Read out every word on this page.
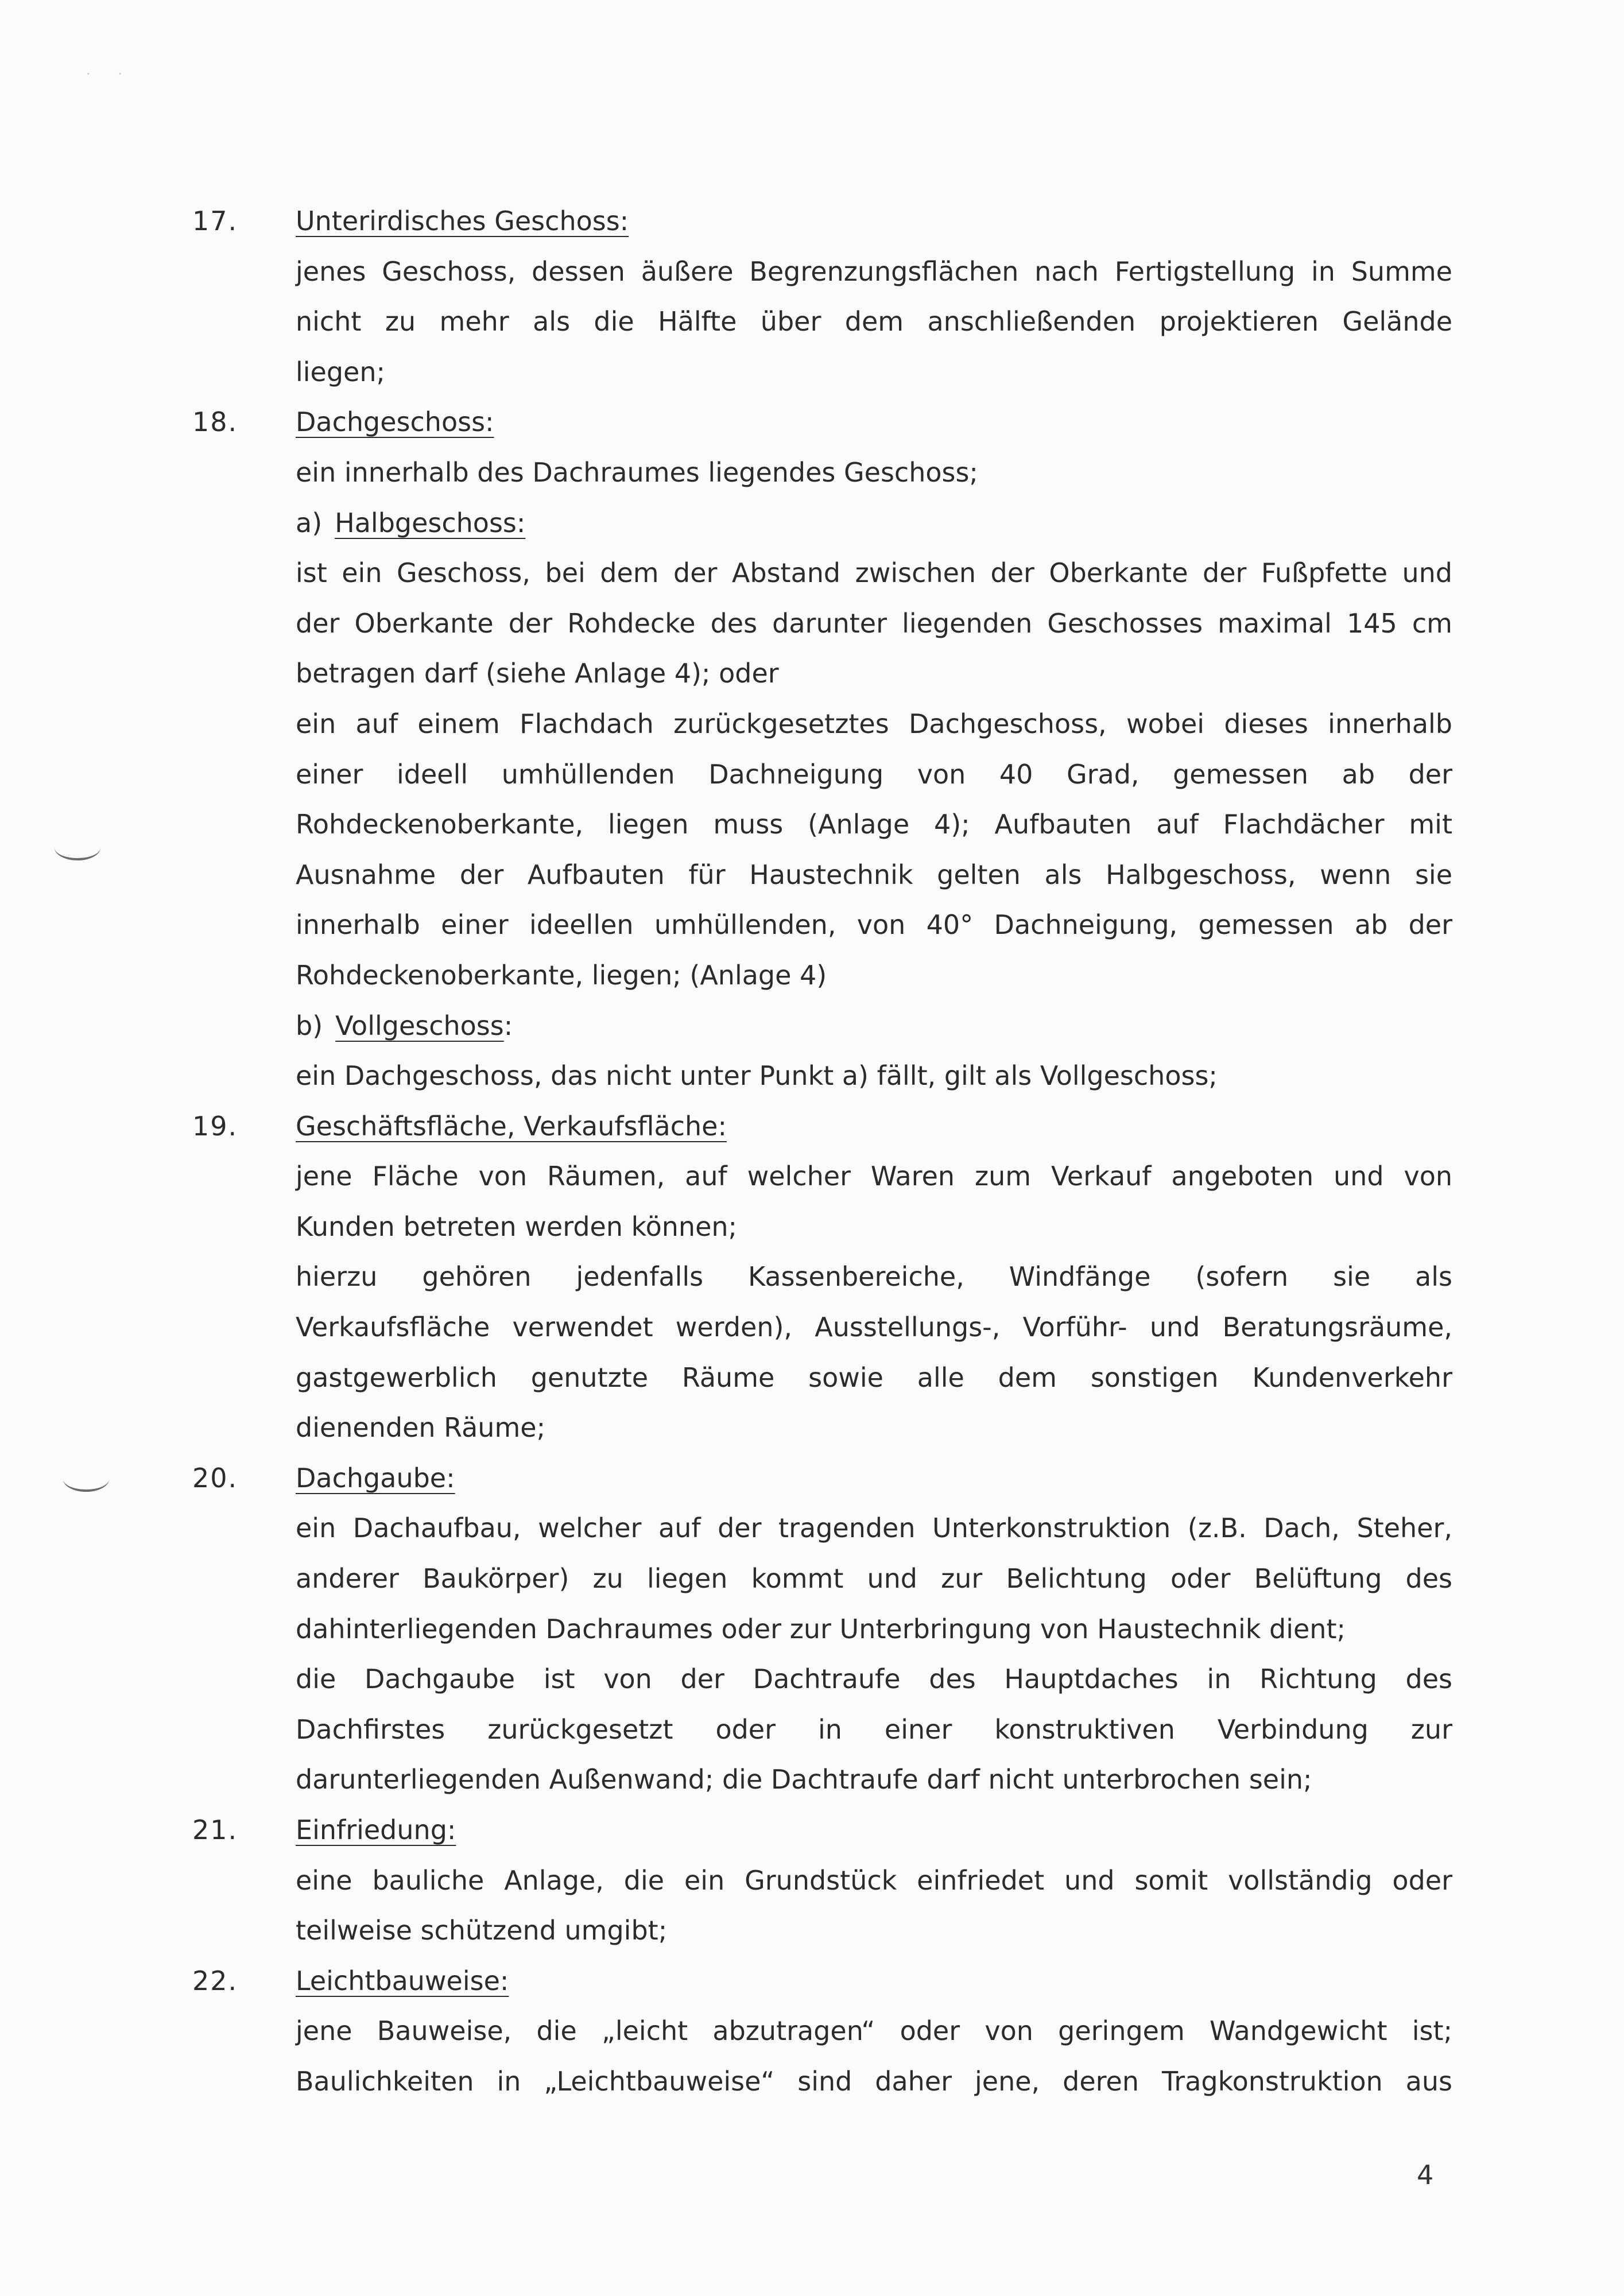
· ·
17. Unterirdisches Geschoss:
jenes Geschoss, dessen äußere Begrenzungsflächen nach Fertigstellung in Summe
nicht zu mehr als die Hälfte über dem anschließenden projektieren Gelände
liegen;
18. Dachgeschoss:
ein innerhalb des Dachraumes liegendes Geschoss;
a) Halbgeschoss:
ist ein Geschoss, bei dem der Abstand zwischen der Oberkante der Fußpfette und
der Oberkante der Rohdecke des darunter liegenden Geschosses maximal 145 cm
betragen darf (siehe Anlage 4); oder
ein auf einem Flachdach zurückgesetztes Dachgeschoss, wobei dieses innerhalb
einer ideell umhüllenden Dachneigung von 40 Grad, gemessen ab der
Rohdeckenoberkante, liegen muss (Anlage 4); Aufbauten auf Flachdächer mit
Ausnahme der Aufbauten für Haustechnik gelten als Halbgeschoss, wenn sie
innerhalb einer ideellen umhüllenden, von 40° Dachneigung, gemessen ab der
Rohdeckenoberkante, liegen; (Anlage 4)
b) Vollgeschoss:
ein Dachgeschoss, das nicht unter Punkt a) fällt, gilt als Vollgeschoss;
19. Geschäftsfläche, Verkaufsfläche:
jene Fläche von Räumen, auf welcher Waren zum Verkauf angeboten und von
Kunden betreten werden können;
hierzu gehören jedenfalls Kassenbereiche, Windfänge (sofern sie als
Verkaufsfläche verwendet werden), Ausstellungs-, Vorführ- und Beratungsräume,
gastgewerblich genutzte Räume sowie alle dem sonstigen Kundenverkehr
dienenden Räume;
20. Dachgaube:
ein Dachaufbau, welcher auf der tragenden Unterkonstruktion (z.B. Dach, Steher,
anderer Baukörper) zu liegen kommt und zur Belichtung oder Belüftung des
dahinterliegenden Dachraumes oder zur Unterbringung von Haustechnik dient;
die Dachgaube ist von der Dachtraufe des Hauptdaches in Richtung des
Dachfirstes zurückgesetzt oder in einer konstruktiven Verbindung zur
darunterliegenden Außenwand; die Dachtraufe darf nicht unterbrochen sein;
21. Einfriedung:
eine bauliche Anlage, die ein Grundstück einfriedet und somit vollständig oder
teilweise schützend umgibt;
22. Leichtbauweise:
jene Bauweise, die „leicht abzutragen“ oder von geringem Wandgewicht ist;
Baulichkeiten in „Leichtbauweise“ sind daher jene, deren Tragkonstruktion aus
4
